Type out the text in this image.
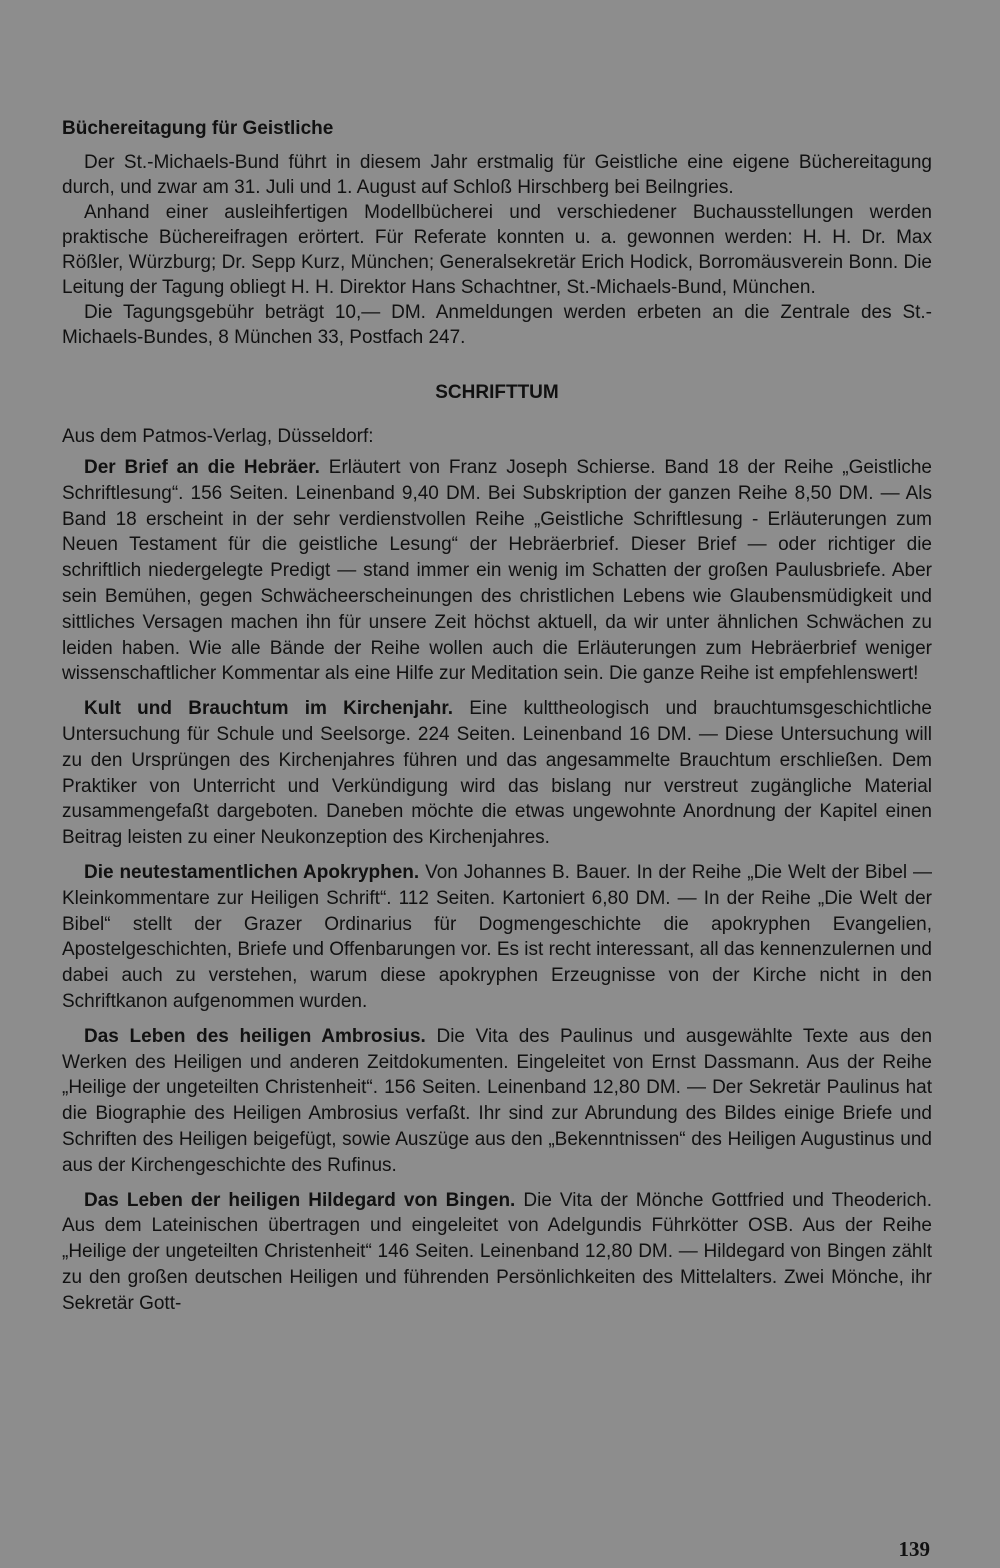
Büchereitagung für Geistliche

Der St.-Michaels-Bund führt in diesem Jahr erstmalig für Geistliche eine eigene Büchereitagung durch, und zwar am 31. Juli und 1. August auf Schloß Hirschberg bei Beilngries.

Anhand einer ausleihfertigen Modellbücherei und verschiedener Buchausstellungen werden praktische Büchereifragen erörtert. Für Referate konnten u. a. gewonnen werden: H. H. Dr. Max Rößler, Würzburg; Dr. Sepp Kurz, München; Generalsekretär Erich Hodick, Borromäusverein Bonn. Die Leitung der Tagung obliegt H. H. Direktor Hans Schachtner, St.-Michaels-Bund, München.

Die Tagungsgebühr beträgt 10,— DM. Anmeldungen werden erbeten an die Zentrale des St.-Michaels-Bundes, 8 München 33, Postfach 247.

SCHRIFTTUM
Aus dem Patmos-Verlag, Düsseldorf:

Der Brief an die Hebräer. Erläutert von Franz Joseph Schierse. Band 18 der Reihe „Geistliche Schriftlesung“. 156 Seiten. Leinenband 9,40 DM. Bei Subskription der ganzen Reihe 8,50 DM. — Als Band 18 erscheint in der sehr verdienstvollen Reihe „Geistliche Schriftlesung - Erläuterungen zum Neuen Testament für die geistliche Lesung“ der Hebräerbrief. Dieser Brief — oder richtiger die schriftlich niedergelegte Predigt — stand immer ein wenig im Schatten der großen Paulusbriefe. Aber sein Bemühen, gegen Schwächeerscheinungen des christlichen Lebens wie Glaubensmüdigkeit und sittliches Versagen machen ihn für unsere Zeit höchst aktuell, da wir unter ähnlichen Schwächen zu leiden haben. Wie alle Bände der Reihe wollen auch die Erläuterungen zum Hebräerbrief weniger wissenschaftlicher Kommentar als eine Hilfe zur Meditation sein. Die ganze Reihe ist empfehlenswert!

Kult und Brauchtum im Kirchenjahr. Eine kulttheologisch und brauchtumsgeschichtliche Untersuchung für Schule und Seelsorge. 224 Seiten. Leinenband 16 DM. — Diese Untersuchung will zu den Ursprüngen des Kirchenjahres führen und das angesammelte Brauchtum erschließen. Dem Praktiker von Unterricht und Verkündigung wird das bislang nur verstreut zugängliche Material zusammengefaßt dargeboten. Daneben möchte die etwas ungewohnte Anordnung der Kapitel einen Beitrag leisten zu einer Neukonzeption des Kirchenjahres.

Die neutestamentlichen Apokryphen. Von Johannes B. Bauer. In der Reihe „Die Welt der Bibel — Kleinkommentare zur Heiligen Schrift“. 112 Seiten. Kartoniert 6,80 DM. — In der Reihe „Die Welt der Bibel“ stellt der Grazer Ordinarius für Dogmengeschichte die apokryphen Evangelien, Apostelgeschichten, Briefe und Offenbarungen vor. Es ist recht interessant, all das kennenzulernen und dabei auch zu verstehen, warum diese apokryphen Erzeugnisse von der Kirche nicht in den Schriftkanon aufgenommen wurden.

Das Leben des heiligen Ambrosius. Die Vita des Paulinus und ausgewählte Texte aus den Werken des Heiligen und anderen Zeitdokumenten. Eingeleitet von Ernst Dassmann. Aus der Reihe „Heilige der ungeteilten Christenheit“. 156 Seiten. Leinenband 12,80 DM. — Der Sekretär Paulinus hat die Biographie des Heiligen Ambrosius verfaßt. Ihr sind zur Abrundung des Bildes einige Briefe und Schriften des Heiligen beigefügt, sowie Auszüge aus den „Bekenntnissen“ des Heiligen Augustinus und aus der Kirchengeschichte des Rufinus.

Das Leben der heiligen Hildegard von Bingen. Die Vita der Mönche Gottfried und Theoderich. Aus dem Lateinischen übertragen und eingeleitet von Adelgundis Führkötter OSB. Aus der Reihe „Heilige der ungeteilten Christenheit“ 146 Seiten. Leinenband 12,80 DM. — Hildegard von Bingen zählt zu den großen deutschen Heiligen und führenden Persönlichkeiten des Mittelalters. Zwei Mönche, ihr Sekretär Gott-

139
